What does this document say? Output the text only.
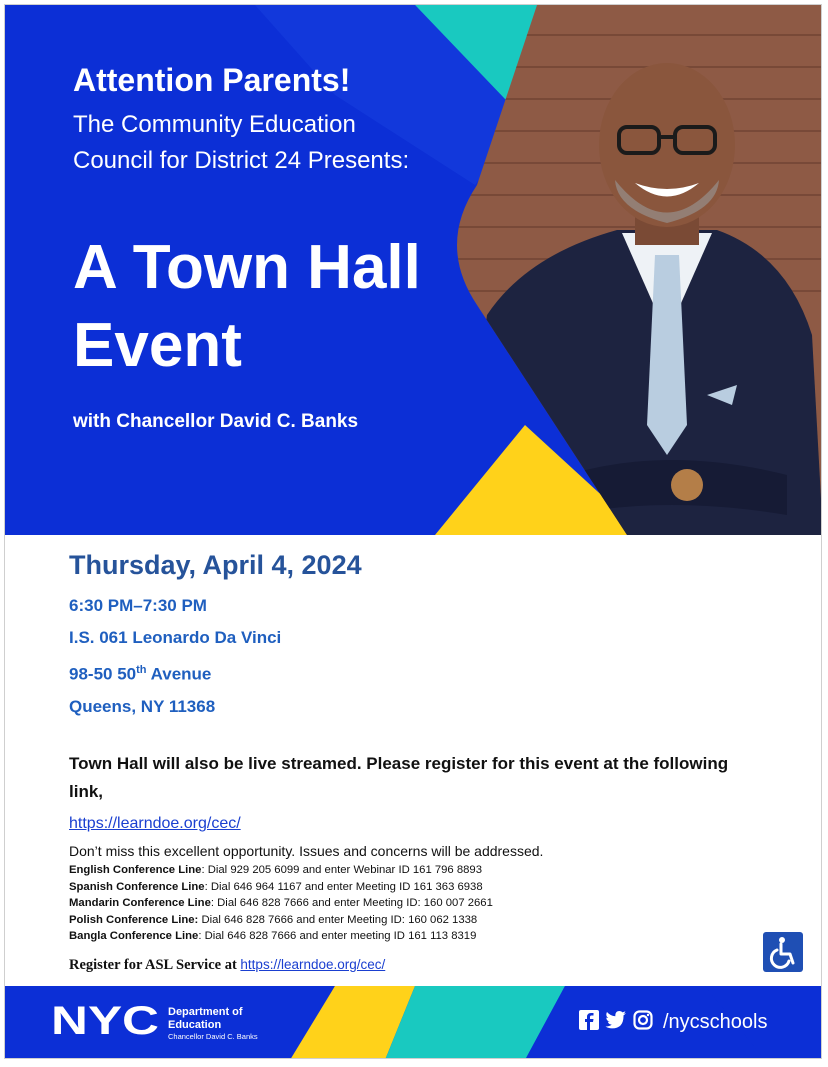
Attention Parents!
The Community Education Council for District 24 Presents:
A Town Hall Event
with Chancellor David C. Banks
Thursday, April 4, 2024
6:30 PM–7:30 PM
I.S. 061 Leonardo Da Vinci
98-50 50th Avenue
Queens, NY 11368
Town Hall will also be live streamed. Please register for this event at the following link,
https://learndoe.org/cec/
Don’t miss this excellent opportunity. Issues and concerns will be addressed.
English Conference Line: Dial 929 205 6099 and enter Webinar ID 161 796 8893
Spanish Conference Line: Dial 646 964 1167 and enter Meeting ID 161 363 6938
Mandarin Conference Line: Dial 646 828 7666 and enter Meeting ID: 160 007 2661
Polish Conference Line: Dial 646 828 7666 and enter Meeting ID: 160 062 1338
Bangla Conference Line: Dial 646 828 7666 and enter meeting ID 161 113 8319
Register for ASL Service at https://learndoe.org/cec/
NYC Department of
Education
Chancellor David C. Banks
/nycschools
